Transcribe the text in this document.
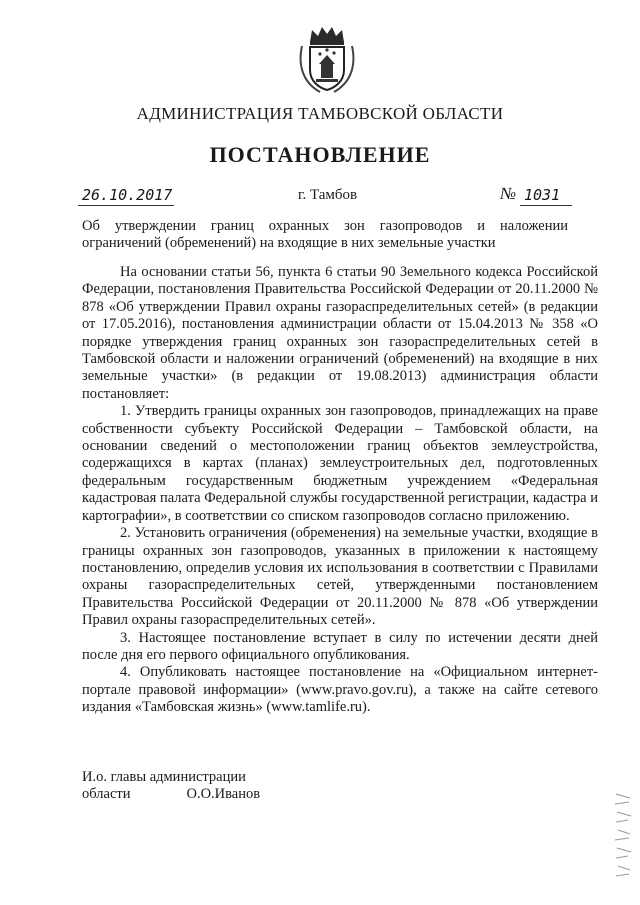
АДМИНИСТРАЦИЯ ТАМБОВСКОЙ ОБЛАСТИ
ПОСТАНОВЛЕНИЕ
26.10.2017	г. Тамбов	№ 1031
Об утверждении границ охранных зон газопроводов и наложении ограничений (обременений) на входящие в них земельные участки

На основании статьи 56, пункта 6 статьи 90 Земельного кодекса Российской Федерации, постановления Правительства Российской Федерации от 20.11.2000 № 878 «Об утверждении Правил охраны газораспределительных сетей» (в редакции от 17.05.2016), постановления администрации области от 15.04.2013 № 358 «О порядке утверждения границ охранных зон газораспределительных сетей в Тамбовской области и наложении ограничений (обременений) на входящие в них земельные участки» (в редакции от 19.08.2013) администрация области постановляет:

1. Утвердить границы охранных зон газопроводов, принадлежащих на праве собственности субъекту Российской Федерации – Тамбовской области, на основании сведений о местоположении границ объектов землеустройства, содержащихся в картах (планах) землеустроительных дел, подготовленных федеральным государственным бюджетным учреждением «Федеральная кадастровая палата Федеральной службы государственной регистрации, кадастра и картографии», в соответствии со списком газопроводов согласно приложению.

2. Установить ограничения (обременения) на земельные участки, входящие в границы охранных зон газопроводов, указанных в приложении к настоящему постановлению, определив условия их использования в соответствии с Правилами охраны газораспределительных сетей, утвержденными постановлением Правительства Российской Федерации от 20.11.2000 № 878 «Об утверждении Правил охраны газораспределительных сетей».

3. Настоящее постановление вступает в силу по истечении десяти дней после дня его первого официального опубликования.

4. Опубликовать настоящее постановление на «Официальном интернет-портале правовой информации» (www.pravo.gov.ru), а также на сайте сетевого издания «Тамбовская жизнь» (www.tamlife.ru).

И.о. главы администрации
области	О.О.Иванов
